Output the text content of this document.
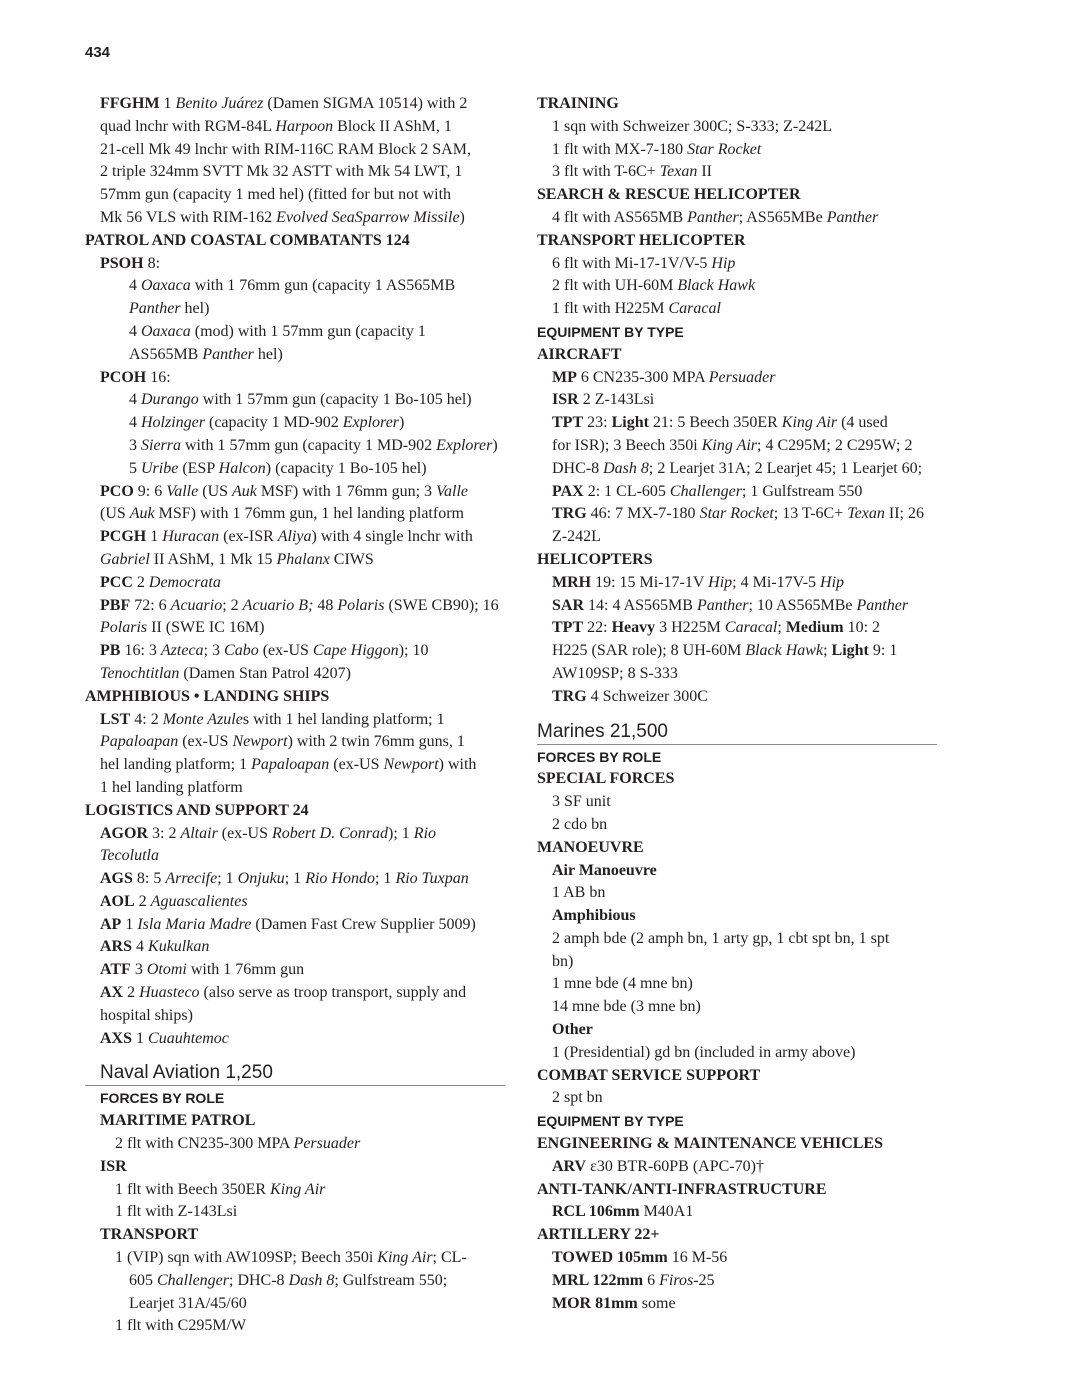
434
FFGHM 1 Benito Juárez (Damen SIGMA 10514) with 2
quad lnchr with RGM-84L Harpoon Block II AShM, 1
21-cell Mk 49 lnchr with RIM-116C RAM Block 2 SAM,
2 triple 324mm SVTT Mk 32 ASTT with Mk 54 LWT, 1
57mm gun (capacity 1 med hel) (fitted for but not with
Mk 56 VLS with RIM-162 Evolved SeaSparrow Missile)
PATROL AND COASTAL COMBATANTS 124
PSOH 8:
4 Oaxaca with 1 76mm gun (capacity 1 AS565MB
Panther hel)
4 Oaxaca (mod) with 1 57mm gun (capacity 1
AS565MB Panther hel)
PCOH 16:
4 Durango with 1 57mm gun (capacity 1 Bo-105 hel)
4 Holzinger (capacity 1 MD-902 Explorer)
3 Sierra with 1 57mm gun (capacity 1 MD-902 Explorer)
5 Uribe (ESP Halcon) (capacity 1 Bo-105 hel)
PCO 9: 6 Valle (US Auk MSF) with 1 76mm gun; 3 Valle
(US Auk MSF) with 1 76mm gun, 1 hel landing platform
PCGH 1 Huracan (ex-ISR Aliya) with 4 single lnchr with
Gabriel II AShM, 1 Mk 15 Phalanx CIWS
PCC 2 Democrata
PBF 72: 6 Acuario; 2 Acuario B; 48 Polaris (SWE CB90); 16
Polaris II (SWE IC 16M)
PB 16: 3 Azteca; 3 Cabo (ex-US Cape Higgon); 10
Tenochtitlan (Damen Stan Patrol 4207)
AMPHIBIOUS • LANDING SHIPS
LST 4: 2 Monte Azules with 1 hel landing platform; 1
Papaloapan (ex-US Newport) with 2 twin 76mm guns, 1
hel landing platform; 1 Papaloapan (ex-US Newport) with
1 hel landing platform
LOGISTICS AND SUPPORT 24
AGOR 3: 2 Altair (ex-US Robert D. Conrad); 1 Rio
Tecolutla
AGS 8: 5 Arrecife; 1 Onjuku; 1 Rio Hondo; 1 Rio Tuxpan
AOL 2 Aguascalientes
AP 1 Isla Maria Madre (Damen Fast Crew Supplier 5009)
ARS 4 Kukulkan
ATF 3 Otomi with 1 76mm gun
AX 2 Huasteco (also serve as troop transport, supply and
hospital ships)
AXS 1 Cuauhtemoc
Naval Aviation 1,250
FORCES BY ROLE
MARITIME PATROL
2 flt with CN235-300 MPA Persuader
ISR
1 flt with Beech 350ER King Air
1 flt with Z-143Lsi
TRANSPORT
1 (VIP) sqn with AW109SP; Beech 350i King Air; CL-
605 Challenger; DHC-8 Dash 8; Gulfstream 550;
Learjet 31A/45/60
1 flt with C295M/W
TRAINING
1 sqn with Schweizer 300C; S-333; Z-242L
1 flt with MX-7-180 Star Rocket
3 flt with T-6C+ Texan II
SEARCH & RESCUE HELICOPTER
4 flt with AS565MB Panther; AS565MBe Panther
TRANSPORT HELICOPTER
6 flt with Mi-17-1V/V-5 Hip
2 flt with UH-60M Black Hawk
1 flt with H225M Caracal
EQUIPMENT BY TYPE
AIRCRAFT
MP 6 CN235-300 MPA Persuader
ISR 2 Z-143Lsi
TPT 23: Light 21: 5 Beech 350ER King Air (4 used
for ISR); 3 Beech 350i King Air; 4 C295M; 2 C295W; 2
DHC-8 Dash 8; 2 Learjet 31A; 2 Learjet 45; 1 Learjet 60;
PAX 2: 1 CL-605 Challenger; 1 Gulfstream 550
TRG 46: 7 MX-7-180 Star Rocket; 13 T-6C+ Texan II; 26
Z-242L
HELICOPTERS
MRH 19: 15 Mi-17-1V Hip; 4 Mi-17V-5 Hip
SAR 14: 4 AS565MB Panther; 10 AS565MBe Panther
TPT 22: Heavy 3 H225M Caracal; Medium 10: 2
H225 (SAR role); 8 UH-60M Black Hawk; Light 9: 1
AW109SP; 8 S-333
TRG 4 Schweizer 300C
Marines 21,500
FORCES BY ROLE
SPECIAL FORCES
3 SF unit
2 cdo bn
MANOEUVRE
Air Manoeuvre
1 AB bn
Amphibious
2 amph bde (2 amph bn, 1 arty gp, 1 cbt spt bn, 1 spt
bn)
1 mne bde (4 mne bn)
14 mne bde (3 mne bn)
Other
1 (Presidential) gd bn (included in army above)
COMBAT SERVICE SUPPORT
2 spt bn
EQUIPMENT BY TYPE
ENGINEERING & MAINTENANCE VEHICLES
ARV ε30 BTR-60PB (APC-70)†
ANTI-TANK/ANTI-INFRASTRUCTURE
RCL 106mm M40A1
ARTILLERY 22+
TOWED 105mm 16 M-56
MRL 122mm 6 Firos-25
MOR 81mm some
